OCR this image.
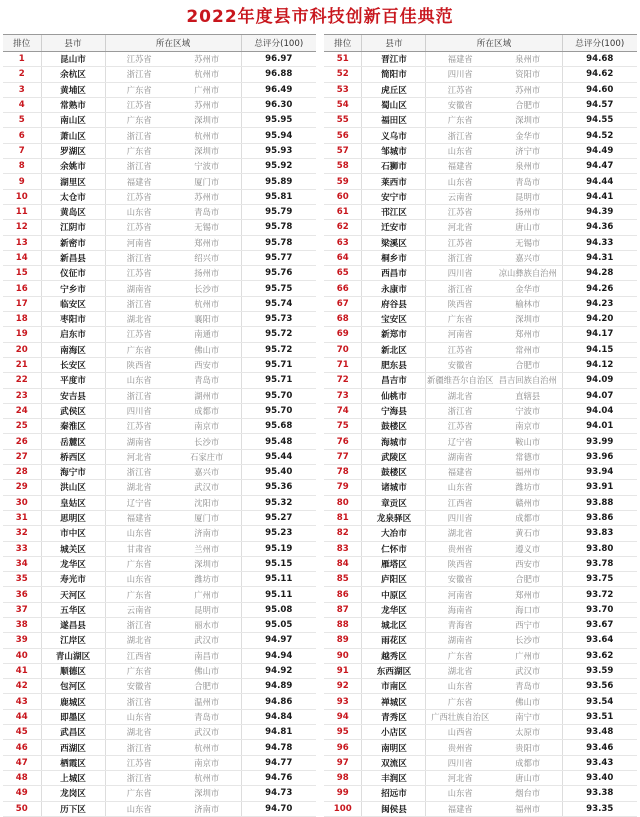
2022年度县市科技创新百佳典范
排位	县市	所在区域		总评分(100)
1	昆山市	江苏省	苏州市	96.97
2	余杭区	浙江省	杭州市	96.88
3	黄埔区	广东省	广州市	96.49
4	常熟市	江苏省	苏州市	96.30
5	南山区	广东省	深圳市	95.95
6	萧山区	浙江省	杭州市	95.94
7	罗湖区	广东省	深圳市	95.93
8	余姚市	浙江省	宁波市	95.92
9	湖里区	福建省	厦门市	95.89
10	太仓市	江苏省	苏州市	95.81
11	黄岛区	山东省	青岛市	95.79
12	江阴市	江苏省	无锡市	95.78
13	新密市	河南省	郑州市	95.78
14	新昌县	浙江省	绍兴市	95.77
15	仪征市	江苏省	扬州市	95.76
16	宁乡市	湖南省	长沙市	95.75
17	临安区	浙江省	杭州市	95.74
18	枣阳市	湖北省	襄阳市	95.73
19	启东市	江苏省	南通市	95.72
20	南海区	广东省	佛山市	95.72
21	长安区	陕西省	西安市	95.71
22	平度市	山东省	青岛市	95.71
23	安吉县	浙江省	湖州市	95.70
24	武侯区	四川省	成都市	95.70
25	秦淮区	江苏省	南京市	95.68
26	岳麓区	湖南省	长沙市	95.48
27	桥西区	河北省	石家庄市	95.44
28	海宁市	浙江省	嘉兴市	95.40
29	洪山区	湖北省	武汉市	95.36
30	皇姑区	辽宁省	沈阳市	95.32
31	思明区	福建省	厦门市	95.27
32	市中区	山东省	济南市	95.23
33	城关区	甘肃省	兰州市	95.19
34	龙华区	广东省	深圳市	95.15
35	寿光市	山东省	潍坊市	95.11
36	天河区	广东省	广州市	95.11
37	五华区	云南省	昆明市	95.08
38	遂昌县	浙江省	丽水市	95.05
39	江岸区	湖北省	武汉市	94.97
40	青山湖区	江西省	南昌市	94.94
41	顺德区	广东省	佛山市	94.92
42	包河区	安徽省	合肥市	94.89
43	鹿城区	浙江省	温州市	94.86
44	即墨区	山东省	青岛市	94.84
45	武昌区	湖北省	武汉市	94.81
46	西湖区	浙江省	杭州市	94.78
47	栖霞区	江苏省	南京市	94.77
48	上城区	浙江省	杭州市	94.76
49	龙岗区	广东省	深圳市	94.73
50	历下区	山东省	济南市	94.70
排位	县市	所在区域		总评分(100)
51	晋江市	福建省	泉州市	94.68
52	简阳市	四川省	资阳市	94.62
53	虎丘区	江苏省	苏州市	94.60
54	蜀山区	安徽省	合肥市	94.57
55	福田区	广东省	深圳市	94.55
56	义乌市	浙江省	金华市	94.52
57	邹城市	山东省	济宁市	94.49
58	石狮市	福建省	泉州市	94.47
59	莱西市	山东省	青岛市	94.44
60	安宁市	云南省	昆明市	94.41
61	邗江区	江苏省	扬州市	94.39
62	迁安市	河北省	唐山市	94.36
63	梁溪区	江苏省	无锡市	94.33
64	桐乡市	浙江省	嘉兴市	94.31
65	西昌市	四川省	凉山彝族自治州	94.28
66	永康市	浙江省	金华市	94.26
67	府谷县	陕西省	榆林市	94.23
68	宝安区	广东省	深圳市	94.20
69	新郑市	河南省	郑州市	94.17
70	新北区	江苏省	常州市	94.15
71	肥东县	安徽省	合肥市	94.12
72	昌吉市	新疆维吾尔自治区	昌吉回族自治州	94.09
73	仙桃市	湖北省	直辖县	94.07
74	宁海县	浙江省	宁波市	94.04
75	鼓楼区	江苏省	南京市	94.01
76	海城市	辽宁省	鞍山市	93.99
77	武陵区	湖南省	常德市	93.96
78	鼓楼区	福建省	福州市	93.94
79	诸城市	山东省	潍坊市	93.91
80	章贡区	江西省	赣州市	93.88
81	龙泉驿区	四川省	成都市	93.86
82	大冶市	湖北省	黄石市	93.83
83	仁怀市	贵州省	遵义市	93.80
84	雁塔区	陕西省	西安市	93.78
85	庐阳区	安徽省	合肥市	93.75
86	中原区	河南省	郑州市	93.72
87	龙华区	海南省	海口市	93.70
88	城北区	青海省	西宁市	93.67
89	雨花区	湖南省	长沙市	93.64
90	越秀区	广东省	广州市	93.62
91	东西湖区	湖北省	武汉市	93.59
92	市南区	山东省	青岛市	93.56
93	禅城区	广东省	佛山市	93.54
94	青秀区	广西壮族自治区	南宁市	93.51
95	小店区	山西省	太原市	93.48
96	南明区	贵州省	贵阳市	93.46
97	双流区	四川省	成都市	93.43
98	丰润区	河北省	唐山市	93.40
99	招远市	山东省	烟台市	93.38
100	闽侯县	福建省	福州市	93.35
